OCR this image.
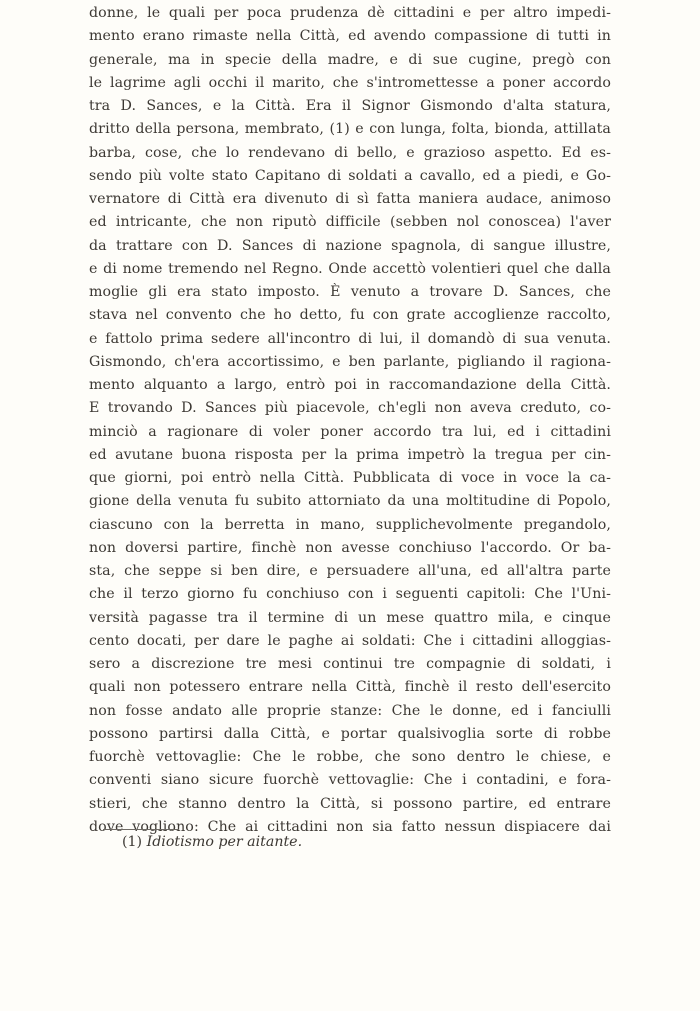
donne, le quali per poca prudenza dè cittadini e per altro impedi-
mento erano rimaste nella Città, ed avendo compassione di tutti in
generale, ma in specie della madre, e di sue cugine, pregò con
le lagrime agli occhi il marito, che s'intromettesse a poner accordo
tra D. Sances, e la Città. Era il Signor Gismondo d'alta statura,
dritto della persona, membrato, (1) e con lunga, folta, bionda, attillata
barba, cose, che lo rendevano di bello, e grazioso aspetto. Ed es-
sendo più volte stato Capitano di soldati a cavallo, ed a piedi, e Go-
vernatore di Città era divenuto di sì fatta maniera audace, animoso
ed intricante, che non riputò difficile (sebben nol conoscea) l'aver
da trattare con D. Sances di nazione spagnola, di sangue illustre,
e di nome tremendo nel Regno. Onde accettò volentieri quel che dalla
moglie gli era stato imposto. È venuto a trovare D. Sances, che
stava nel convento che ho detto, fu con grate accoglienze raccolto,
e fattolo prima sedere all'incontro di lui, il domandò di sua venuta.
Gismondo, ch'era accortissimo, e ben parlante, pigliando il ragiona-
mento alquanto a largo, entrò poi in raccomandazione della Città.
E trovando D. Sances più piacevole, ch'egli non aveva creduto, co-
minciò a ragionare di voler poner accordo tra lui, ed i cittadini
ed avutane buona risposta per la prima impetrò la tregua per cin-
que giorni, poi entrò nella Città. Pubblicata di voce in voce la ca-
gione della venuta fu subito attorniato da una moltitudine di Popolo,
ciascuno con la berretta in mano, supplichevolmente pregandolo,
non doversi partire, finchè non avesse conchiuso l'accordo. Or ba-
sta, che seppe si ben dire, e persuadere all'una, ed all'altra parte
che il terzo giorno fu conchiuso con i seguenti capitoli: Che l'Uni-
versità pagasse tra il termine di un mese quattro mila, e cinque
cento docati, per dare le paghe ai soldati: Che i cittadini alloggias-
sero a discrezione tre mesi continui tre compagnie di soldati, i
quali non potessero entrare nella Città, finchè il resto dell'esercito
non fosse andato alle proprie stanze: Che le donne, ed i fanciulli
possono partirsi dalla Città, e portar qualsivoglia sorte di robbe
fuorchè vettovaglie: Che le robbe, che sono dentro le chiese, e
conventi siano sicure fuorchè vettovaglie: Che i contadini, e fora-
stieri, che stanno dentro la Città, si possono partire, ed entrare
dove vogliono: Che ai cittadini non sia fatto nessun dispiacere dai

(1) Idiotismo per aitante.
